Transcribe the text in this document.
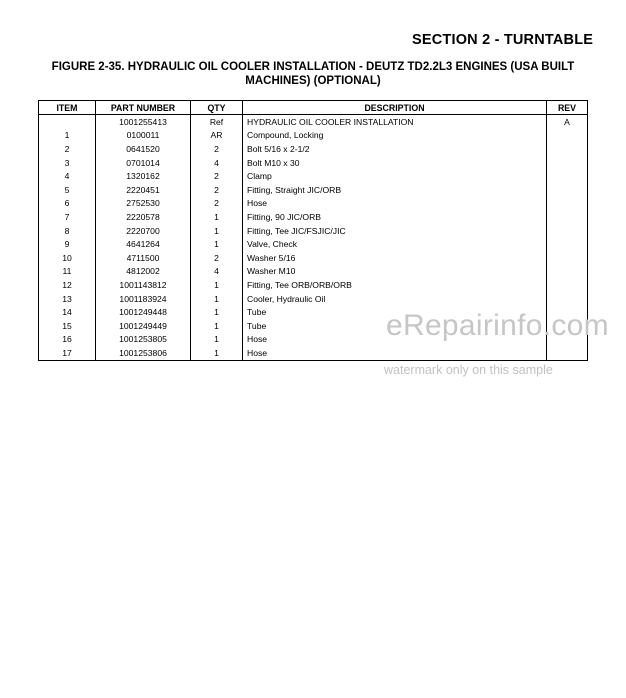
SECTION 2 - TURNTABLE
FIGURE 2-35. HYDRAULIC OIL COOLER INSTALLATION - DEUTZ TD2.2L3 ENGINES (USA BUILT MACHINES) (OPTIONAL)
ITEM	PART NUMBER	QTY	DESCRIPTION	REV
	1001255413	Ref	HYDRAULIC OIL COOLER INSTALLATION	A
1	0100011	AR	Compound, Locking	
2	0641520	2	Bolt 5/16 x 2-1/2	
3	0701014	4	Bolt M10 x 30	
4	1320162	2	Clamp	
5	2220451	2	Fitting, Straight JIC/ORB	
6	2752530	2	Hose	
7	2220578	1	Fitting, 90 JIC/ORB	
8	2220700	1	Fitting, Tee JIC/FSJIC/JIC	
9	4641264	1	Valve, Check	
10	4711500	2	Washer 5/16	
11	4812002	4	Washer M10	
12	1001143812	1	Fitting, Tee ORB/ORB/ORB	
13	1001183924	1	Cooler, Hydraulic Oil	
14	1001249448	1	Tube	
15	1001249449	1	Tube	
16	1001253805	1	Hose	
17	1001253806	1	Hose	
eRepairinfo.com
watermark only on this sample
